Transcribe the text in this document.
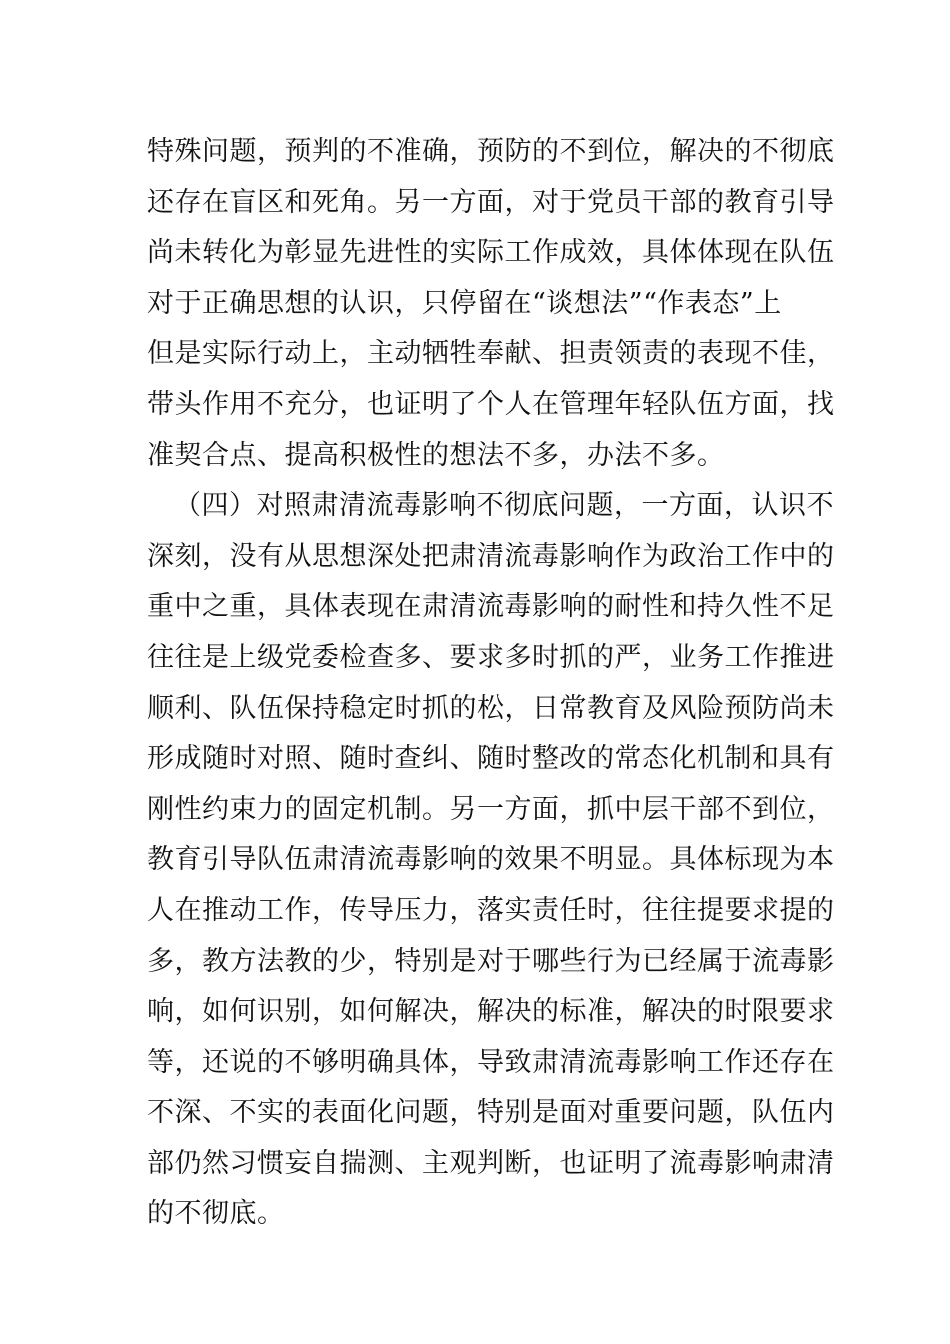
特殊问题，预判的不准确，预防的不到位，解决的不彻底
还存在盲区和死角。另一方面，对于党员干部的教育引导
尚未转化为彰显先进性的实际工作成效，具体体现在队伍
对于正确思想的认识，只停留在“谈想法”“作表态”上
但是实际行动上，主动牺牲奉献、担责领责的表现不佳，
带头作用不充分，也证明了个人在管理年轻队伍方面，找
准契合点、提高积极性的想法不多，办法不多。
（四）对照肃清流毒影响不彻底问题，一方面，认识不
深刻，没有从思想深处把肃清流毒影响作为政治工作中的
重中之重，具体表现在肃清流毒影响的耐性和持久性不足
往往是上级党委检查多、要求多时抓的严，业务工作推进
顺利、队伍保持稳定时抓的松，日常教育及风险预防尚未
形成随时对照、随时查纠、随时整改的常态化机制和具有
刚性约束力的固定机制。另一方面，抓中层干部不到位，
教育引导队伍肃清流毒影响的效果不明显。具体标现为本
人在推动工作，传导压力，落实责任时，往往提要求提的
多，教方法教的少，特别是对于哪些行为已经属于流毒影
响，如何识别，如何解决，解决的标准，解决的时限要求
等，还说的不够明确具体，导致肃清流毒影响工作还存在
不深、不实的表面化问题，特别是面对重要问题，队伍内
部仍然习惯妄自揣测、主观判断，也证明了流毒影响肃清
的不彻底。
